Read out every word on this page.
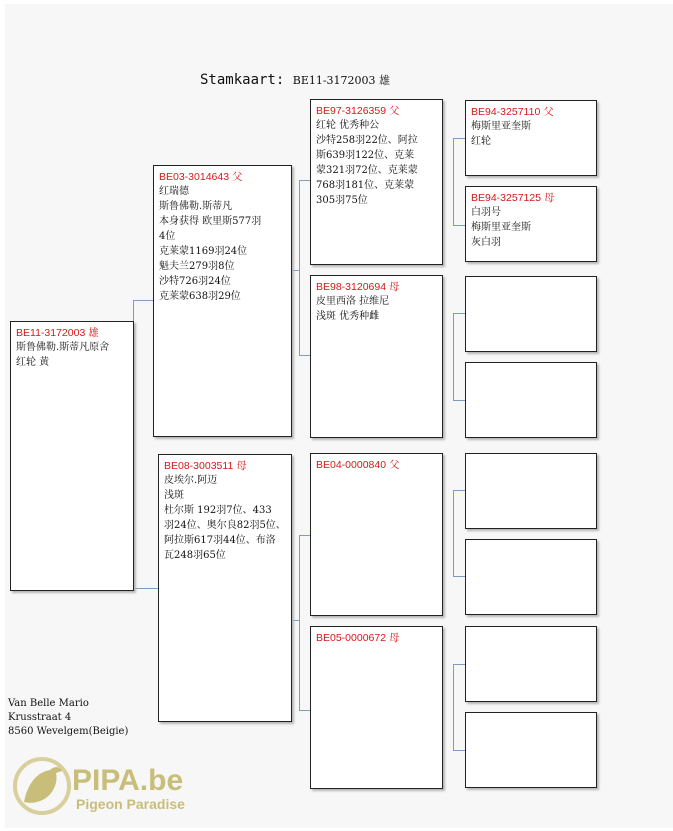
Stamkaart: BE11-3172003 雄
BE11-3172003 雄
斯鲁佛勒.斯蒂凡原舍
红轮 黄
BE03-3014643 父
红瑞德
斯鲁佛勒.斯蒂凡
本身获得 欧里斯577羽
4位
克莱蒙1169羽24位
魁夫兰279羽8位
沙特726羽24位
克莱蒙638羽29位
BE08-3003511 母
皮埃尔.阿迈
浅斑
杜尔斯 192羽7位、433
羽24位、奥尔良82羽5位、
阿拉斯617羽44位、布洛
瓦248羽65位
BE97-3126359 父
红轮 优秀种公
沙特258羽22位、阿拉
斯639羽122位、克莱
蒙321羽72位、克莱蒙
768羽181位、克莱蒙
305羽75位
BE98-3120694 母
皮里西洛 拉维尼
浅斑 优秀种雌
BE04-0000840 父
BE05-0000672 母
BE94-3257110 父
梅斯里亚奎斯
红轮
BE94-3257125 母
白羽号
梅斯里亚奎斯
灰白羽
Van Belle Mario
Krusstraat 4
8560 Wevelgem(Beigie)
PIPA.be
Pigeon Paradise
